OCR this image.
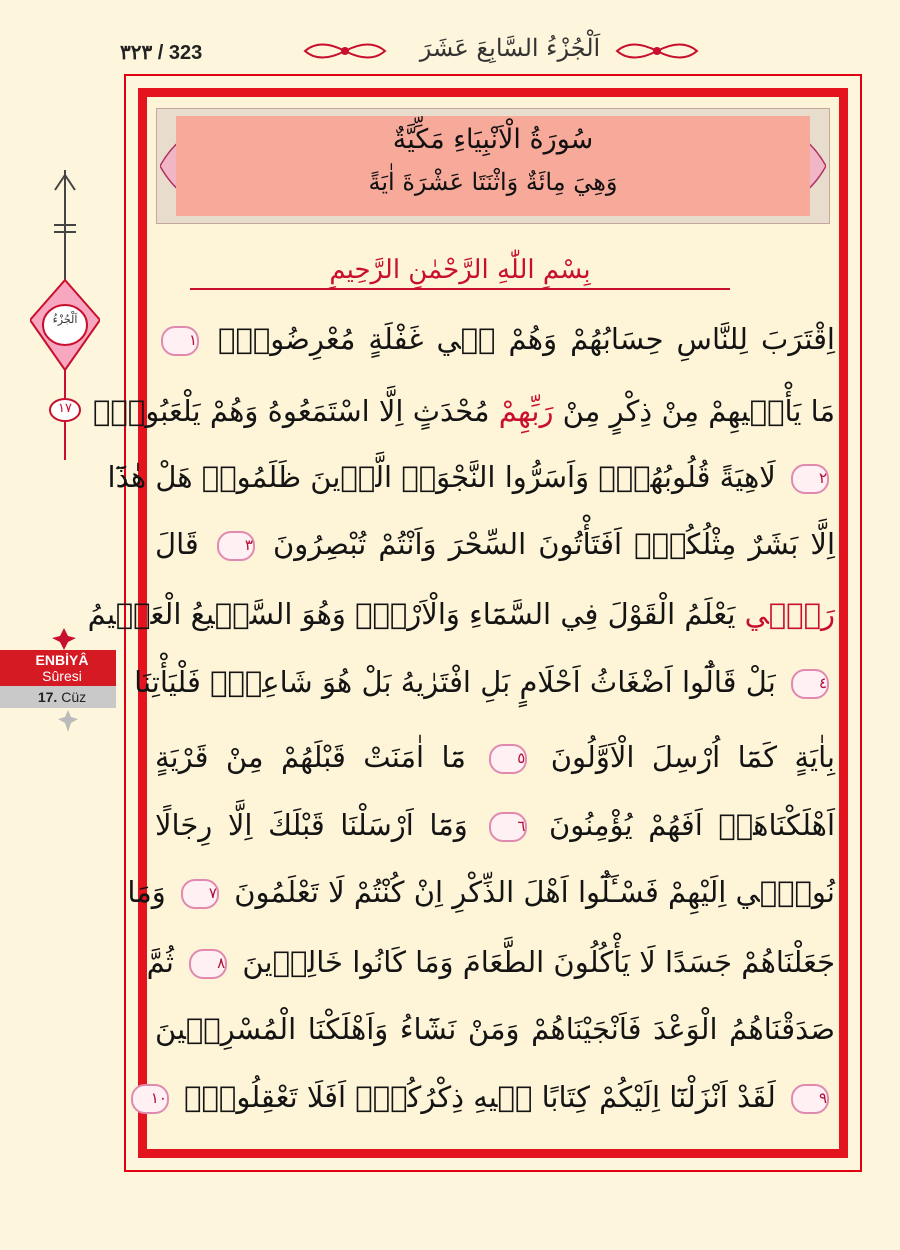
٣٢٣ / 323	اَلْجُزْءُ السَّابِعَ عَشَرَ
سُورَةُ الْاَنْبِيَاءِ مَكِّيَّةٌ
وَهِيَ مِائَةٌ وَاثْنَتَا عَشْرَةَ اٰيَةً
بِسْمِ اللّٰهِ الرَّحْمٰنِ الرَّحِيمِ
اِقْتَرَبَ لِلنَّاسِ حِسَابُهُمْ وَهُمْ ف۪ي غَفْلَةٍ مُعْرِضُونَۚ ١
مَا يَأْت۪يهِمْ مِنْ ذِكْرٍ مِنْ رَبِّهِمْ مُحْدَثٍ اِلَّا اسْتَمَعُوهُ وَهُمْ يَلْعَبُونَۙ
٢ لَاهِيَةً قُلُوبُهُمْۜ وَاَسَرُّوا النَّجْوَىۗ الَّذ۪ينَ ظَلَمُواۗ هَلْ هٰذَٓا
اِلَّا بَشَرٌ مِثْلُكُمْۚ اَفَتَأْتُونَ السِّحْرَ وَاَنْتُمْ تُبْصِرُونَ ٣ قَالَ
رَبّ۪ي يَعْلَمُ الْقَوْلَ فِي السَّمَٓاءِ وَالْاَرْضِۘ وَهُوَ السَّم۪يعُ الْعَل۪يمُ
٤ بَلْ قَالُٓوا اَضْغَاثُ اَحْلَامٍ بَلِ افْتَرٰيهُ بَلْ هُوَ شَاعِرٌۚ فَلْيَأْتِنَا
بِاٰيَةٍ كَمَٓا اُرْسِلَ الْاَوَّلُونَ ٥ مَٓا اٰمَنَتْ قَبْلَهُمْ مِنْ قَرْيَةٍ
اَهْلَكْنَاهَاۚ اَفَهُمْ يُؤْمِنُونَ ٦ وَمَٓا اَرْسَلْنَا قَبْلَكَ اِلَّا رِجَالًا
نُوح۪ٓي اِلَيْهِمْ فَسْـَٔلُٓوا اَهْلَ الذِّكْرِ اِنْ كُنْتُمْ لَا تَعْلَمُونَ ٧ وَمَا
جَعَلْنَاهُمْ جَسَدًا لَا يَأْكُلُونَ الطَّعَامَ وَمَا كَانُوا خَالِد۪ينَ ٨ ثُمَّ
صَدَقْنَاهُمُ الْوَعْدَ فَاَنْجَيْنَاهُمْ وَمَنْ نَشَٓاءُ وَاَهْلَكْنَا الْمُسْرِف۪ينَ
٩ لَقَدْ اَنْزَلْنَٓا اِلَيْكُمْ كِتَابًا ف۪يهِ ذِكْرُكُمْۜ اَفَلَا تَعْقِلُونَۜ ١٠
اَلْجُزْءُ
١٧
ENBİYÂ
Sûresi
17. Cüz
